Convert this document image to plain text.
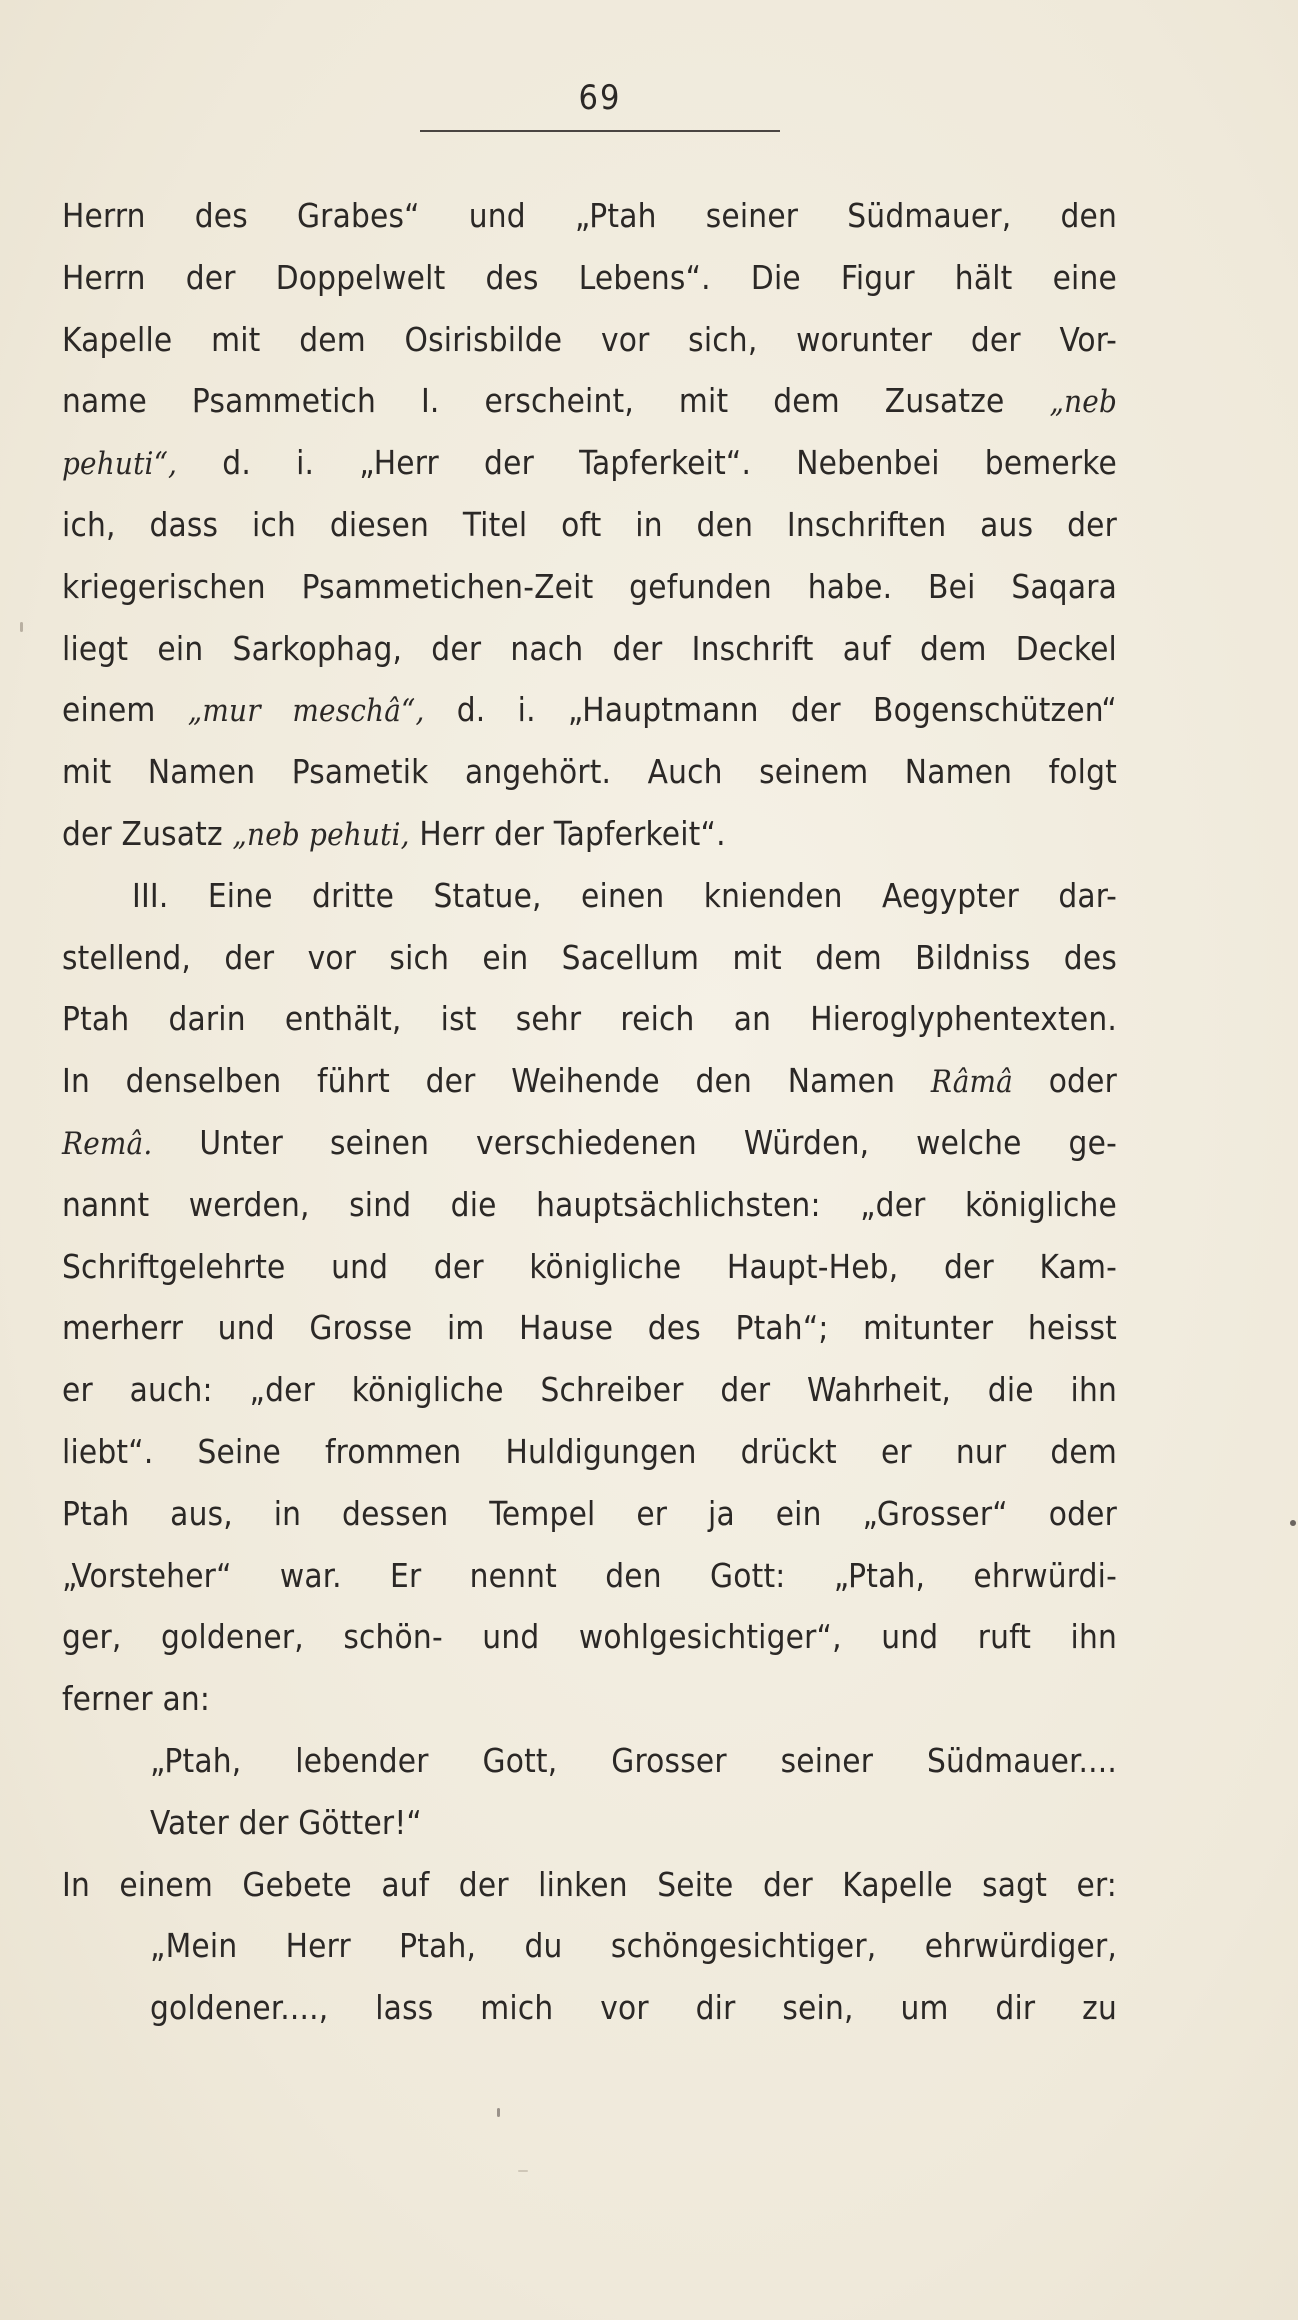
69
Herrn des Grabes“ und „Ptah seiner Südmauer, den
Herrn der Doppelwelt des Lebens“. Die Figur hält eine
Kapelle mit dem Osirisbilde vor sich, worunter der Vor-
name Psammetich I. erscheint, mit dem Zusatze „neb
pehuti“, d. i. „Herr der Tapferkeit“. Nebenbei bemerke
ich, dass ich diesen Titel oft in den Inschriften aus der
kriegerischen Psammetichen-Zeit gefunden habe. Bei Saqara
liegt ein Sarkophag, der nach der Inschrift auf dem Deckel
einem „mur meschâ“, d. i. „Hauptmann der Bogenschützen“
mit Namen Psametik angehört. Auch seinem Namen folgt
der Zusatz „neb pehuti, Herr der Tapferkeit“.
III. Eine dritte Statue, einen knienden Aegypter dar-
stellend, der vor sich ein Sacellum mit dem Bildniss des
Ptah darin enthält, ist sehr reich an Hieroglyphentexten.
In denselben führt der Weihende den Namen Râmâ oder
Remâ. Unter seinen verschiedenen Würden, welche ge-
nannt werden, sind die hauptsächlichsten: „der königliche
Schriftgelehrte und der königliche Haupt-Heb, der Kam-
merherr und Grosse im Hause des Ptah“; mitunter heisst
er auch: „der königliche Schreiber der Wahrheit, die ihn
liebt“. Seine frommen Huldigungen drückt er nur dem
Ptah aus, in dessen Tempel er ja ein „Grosser“ oder
„Vorsteher“ war. Er nennt den Gott: „Ptah, ehrwürdi-
ger, goldener, schön- und wohlgesichtiger“, und ruft ihn
ferner an:
„Ptah, lebender Gott, Grosser seiner Südmauer....
Vater der Götter!“
In einem Gebete auf der linken Seite der Kapelle sagt er:
„Mein Herr Ptah, du schöngesichtiger, ehrwürdiger,
goldener...., lass mich vor dir sein, um dir zu
